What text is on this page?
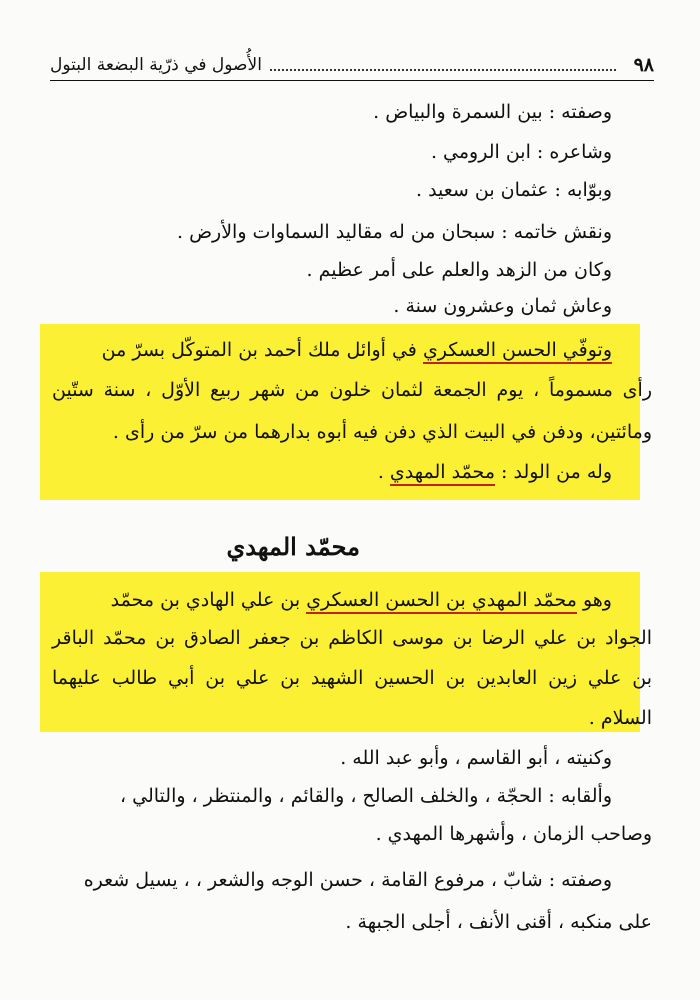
٩٨
الأُصول في ذرّية البضعة البتول
وصفته : بين السمرة والبياض .
وشاعره : ابن الرومي .
وبوّابه : عثمان بن سعيد .
ونقش خاتمه : سبحان من له مقاليد السماوات والأرض .
وكان من الزهد والعلم على أمر عظيم .
وعاش ثمان وعشرون سنة .
وتوفّي الحسن العسكري في أوائل ملك أحمد بن المتوكّل بسرّ من
رأى مسموماً ، يوم الجمعة لثمان خلون من شهر ربيع الأوّل ، سنة ستّين
ومائتين، ودفن في البيت الذي دفن فيه أبوه بدارهما من سرّ من رأى .
وله من الولد : محمّد المهدي .
محمّد المهدي
وهو محمّد المهدي بن الحسن العسكري بن علي الهادي بن محمّد
الجواد بن علي الرضا بن موسى الكاظم بن جعفر الصادق بن محمّد الباقر
بن علي زين العابدين بن الحسين الشهيد بن علي بن أبي طالب عليهما
السلام .
وكنيته ، أبو القاسم ، وأبو عبد الله .
وألقابه : الحجّة ، والخلف الصالح ، والقائم ، والمنتظر ، والتالي ،
وصاحب الزمان ، وأشهرها المهدي .
وصفته : شابّ ، مرفوع القامة ، حسن الوجه والشعر ، ، يسيل شعره
على منكبه ، أقنى الأنف ، أجلى الجبهة .
